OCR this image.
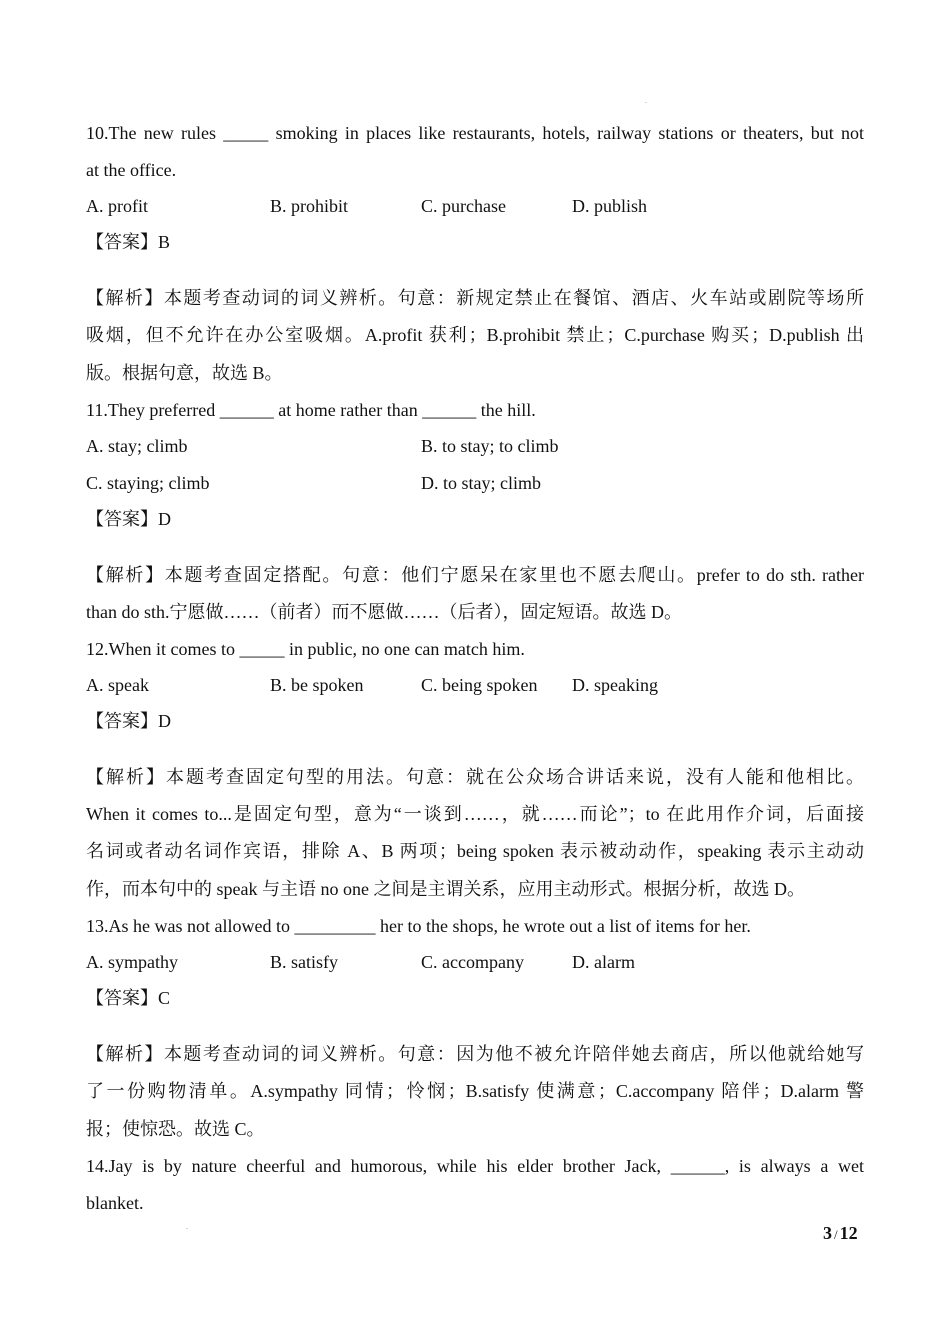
.
10.The new rules _____ smoking in places like restaurants, hotels, railway stations or theaters, but not
at the office.
A. profit	B. prohibit	C. purchase	D. publish
【答案】B
【解析】本题考查动词的词义辨析。句意：新规定禁止在餐馆、酒店、火车站或剧院等场所
吸烟，但不允许在办公室吸烟。A.profit 获利；B.prohibit 禁止；C.purchase 购买；D.publish 出
版。根据句意，故选 B。
11.They preferred ______ at home rather than ______ the hill.
A. stay; climb	B. to stay; to climb
C. staying; climb	D. to stay; climb
【答案】D
【解析】本题考查固定搭配。句意：他们宁愿呆在家里也不愿去爬山。prefer to do sth. rather
than do sth.宁愿做……（前者）而不愿做……（后者），固定短语。故选 D。
12.When it comes to _____ in public, no one can match him.
A. speak	B. be spoken	C. being spoken D. speaking
【答案】D
【解析】本题考查固定句型的用法。句意：就在公众场合讲话来说，没有人能和他相比。
When it comes to...是固定句型，意为“一谈到……，就……而论”；to 在此用作介词，后面接
名词或者动名词作宾语，排除 A、B 两项；being spoken 表示被动动作，speaking 表示主动动
作，而本句中的 speak 与主语 no one 之间是主谓关系，应用主动形式。根据分析，故选 D。
13.As he was not allowed to _________ her to the shops, he wrote out a list of items for her.
A. sympathy	B. satisfy	C. accompany	D. alarm
【答案】C
【解析】本题考查动词的词义辨析。句意：因为他不被允许陪伴她去商店，所以他就给她写
了一份购物清单。A.sympathy 同情；怜悯；B.satisfy 使满意；C.accompany 陪伴；D.alarm 警
报；使惊恐。故选 C。
14.Jay is by nature cheerful and humorous, while his elder brother Jack, ______, is always a wet
blanket.
.	3 / 12
